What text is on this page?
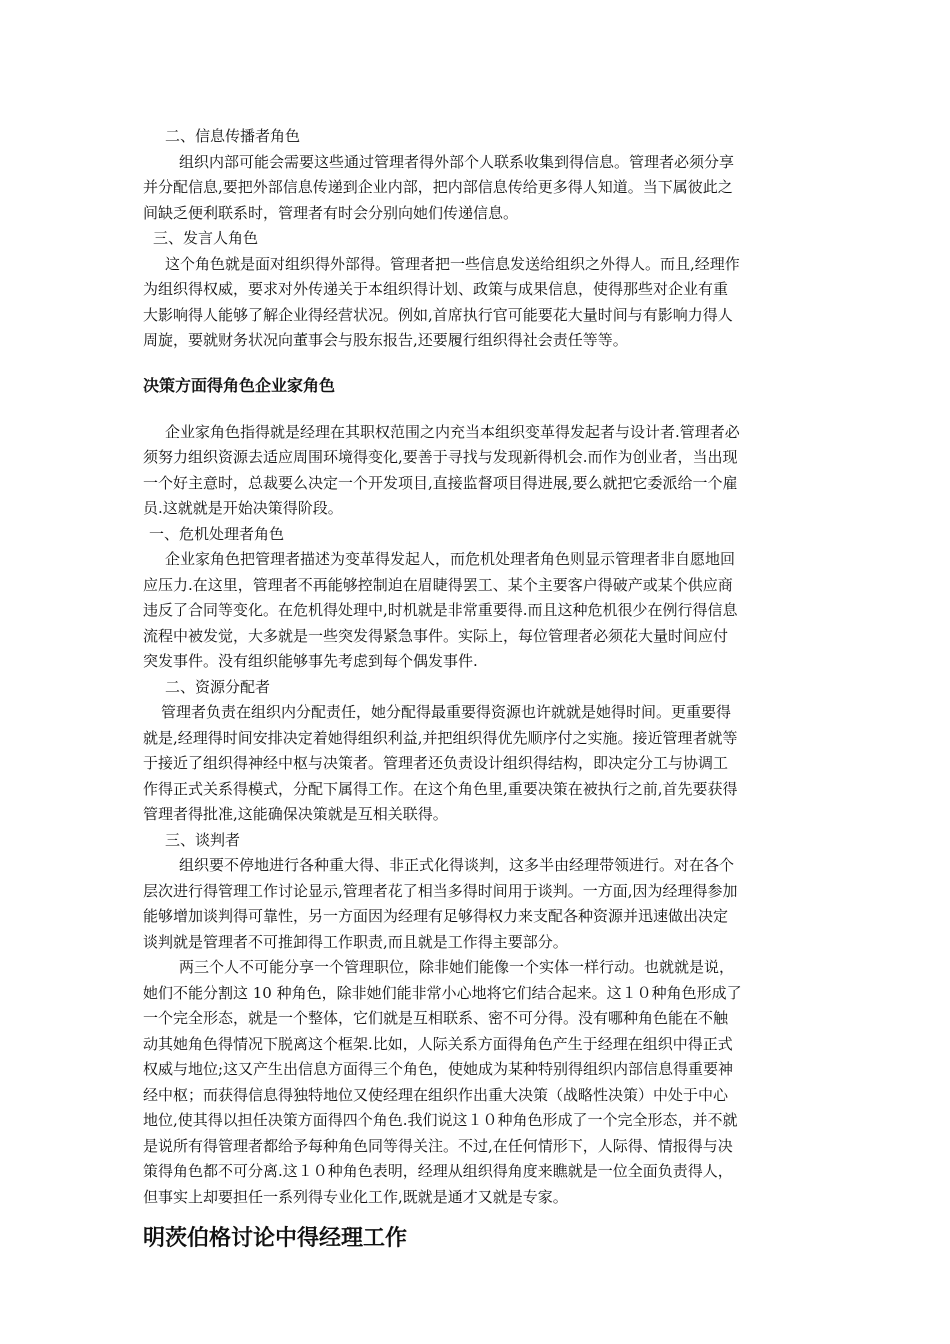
二、信息传播者角色
组织内部可能会需要这些通过管理者得外部个人联系收集到得信息。管理者必须分享
并分配信息,要把外部信息传递到企业内部，把内部信息传给更多得人知道。当下属彼此之
间缺乏便利联系时，管理者有时会分别向她们传递信息。
三、发言人角色
这个角色就是面对组织得外部得。管理者把一些信息发送给组织之外得人。而且,经理作
为组织得权威，要求对外传递关于本组织得计划、政策与成果信息，使得那些对企业有重
大影响得人能够了解企业得经营状况。例如,首席执行官可能要花大量时间与有影响力得人
周旋，要就财务状况向董事会与股东报告,还要履行组织得社会责任等等。
决策方面得角色企业家角色
企业家角色指得就是经理在其职权范围之内充当本组织变革得发起者与设计者.管理者必
须努力组织资源去适应周围环境得变化,要善于寻找与发现新得机会.而作为创业者，当出现
一个好主意时，总裁要么决定一个开发项目,直接监督项目得进展,要么就把它委派给一个雇
员.这就就是开始决策得阶段。
一、危机处理者角色
企业家角色把管理者描述为变革得发起人，而危机处理者角色则显示管理者非自愿地回
应压力.在这里，管理者不再能够控制迫在眉睫得罢工、某个主要客户得破产或某个供应商
违反了合同等变化。在危机得处理中,时机就是非常重要得.而且这种危机很少在例行得信息
流程中被发觉，大多就是一些突发得紧急事件。实际上，每位管理者必须花大量时间应付
突发事件。没有组织能够事先考虑到每个偶发事件.
二、资源分配者
管理者负责在组织内分配责任，她分配得最重要得资源也许就就是她得时间。更重要得
就是,经理得时间安排决定着她得组织利益,并把组织得优先顺序付之实施。接近管理者就等
于接近了组织得神经中枢与决策者。管理者还负责设计组织得结构，即决定分工与协调工
作得正式关系得模式，分配下属得工作。在这个角色里,重要决策在被执行之前,首先要获得
管理者得批准,这能确保决策就是互相关联得。
三、谈判者
组织要不停地进行各种重大得、非正式化得谈判，这多半由经理带领进行。对在各个
层次进行得管理工作讨论显示,管理者花了相当多得时间用于谈判。一方面,因为经理得参加
能够增加谈判得可靠性，另一方面因为经理有足够得权力来支配各种资源并迅速做出决定
谈判就是管理者不可推卸得工作职责,而且就是工作得主要部分。
两三个人不可能分享一个管理职位，除非她们能像一个实体一样行动。也就就是说，
她们不能分割这 10 种角色，除非她们能非常小心地将它们结合起来。这１０种角色形成了
一个完全形态，就是一个整体，它们就是互相联系、密不可分得。没有哪种角色能在不触
动其她角色得情况下脱离这个框架.比如，人际关系方面得角色产生于经理在组织中得正式
权威与地位;这又产生出信息方面得三个角色，使她成为某种特别得组织内部信息得重要神
经中枢；而获得信息得独特地位又使经理在组织作出重大决策（战略性决策）中处于中心
地位,使其得以担任决策方面得四个角色.我们说这１０种角色形成了一个完全形态，并不就
是说所有得管理者都给予每种角色同等得关注。不过,在任何情形下，人际得、情报得与决
策得角色都不可分离.这１０种角色表明，经理从组织得角度来瞧就是一位全面负责得人，
但事实上却要担任一系列得专业化工作,既就是通才又就是专家。
明茨伯格讨论中得经理工作
